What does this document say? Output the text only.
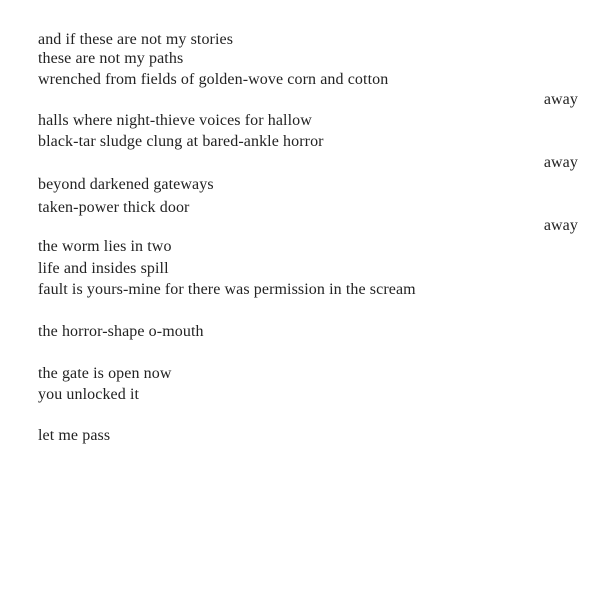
and if these are not my stories
these are not my paths
wrenched from fields of golden-wove corn and cotton
away
halls where night-thieve voices for hallow
black-tar sludge clung at bared-ankle horror
away
beyond darkened gateways
taken-power thick door
away
the worm lies in two
life and insides spill
fault is yours-mine for there was permission in the scream
the horror-shape o-mouth
the gate is open now
you unlocked it
let me pass
